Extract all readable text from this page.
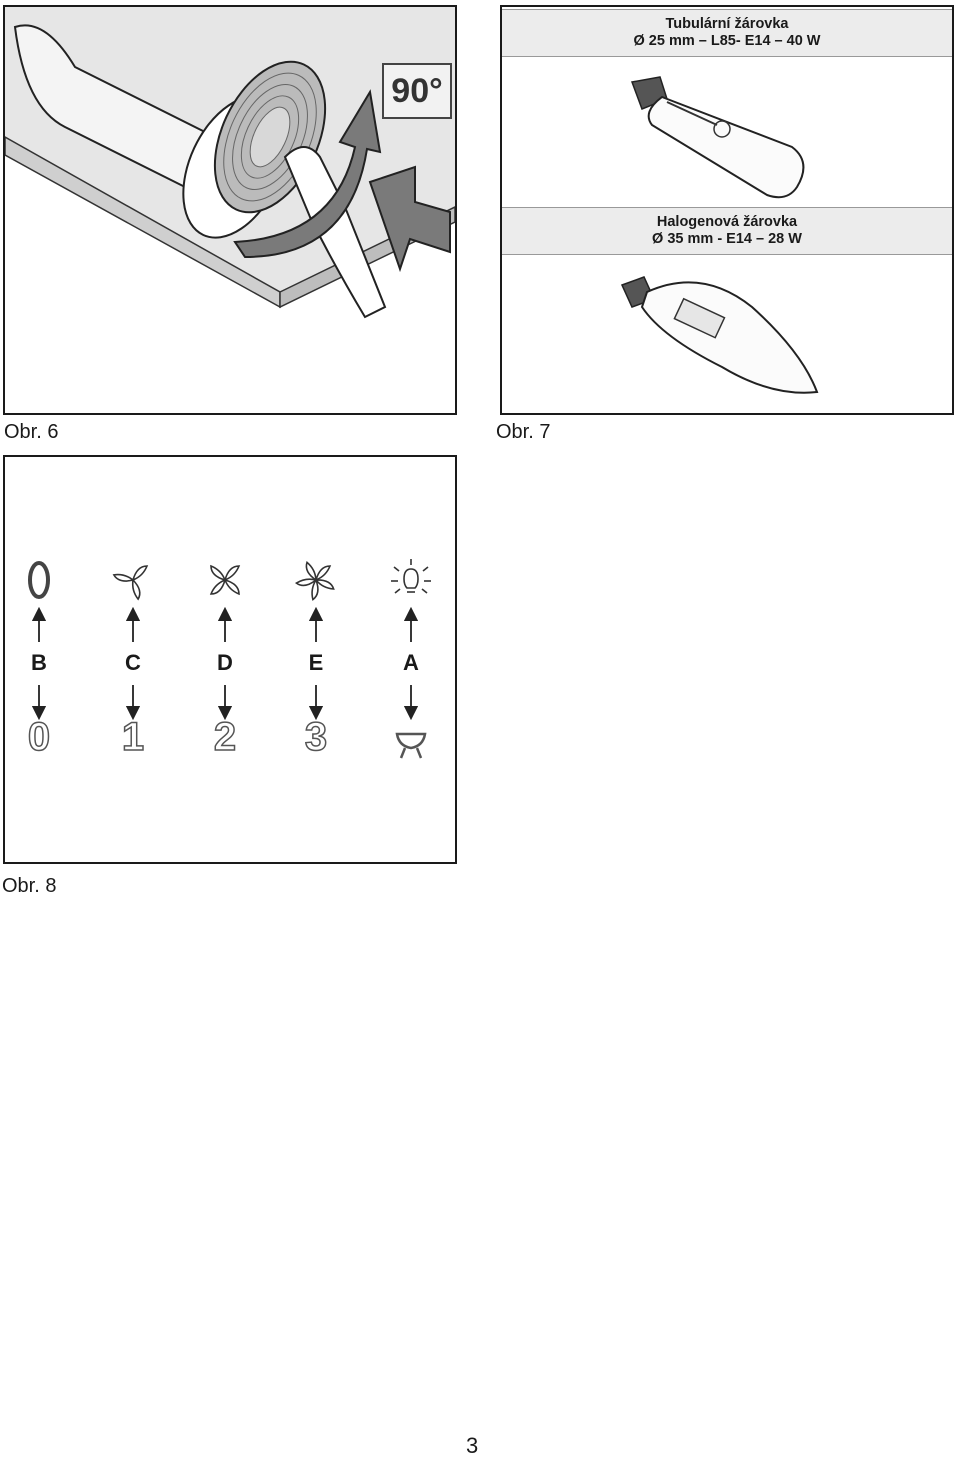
90°
Obr. 6
Tubulární žárovka
Ø 25 mm – L85- E14 – 40 W
Halogenová žárovka
Ø 35 mm - E14 – 28 W
Obr. 7
B	C	D	E	A
0 1 2 3
Obr. 8
3
